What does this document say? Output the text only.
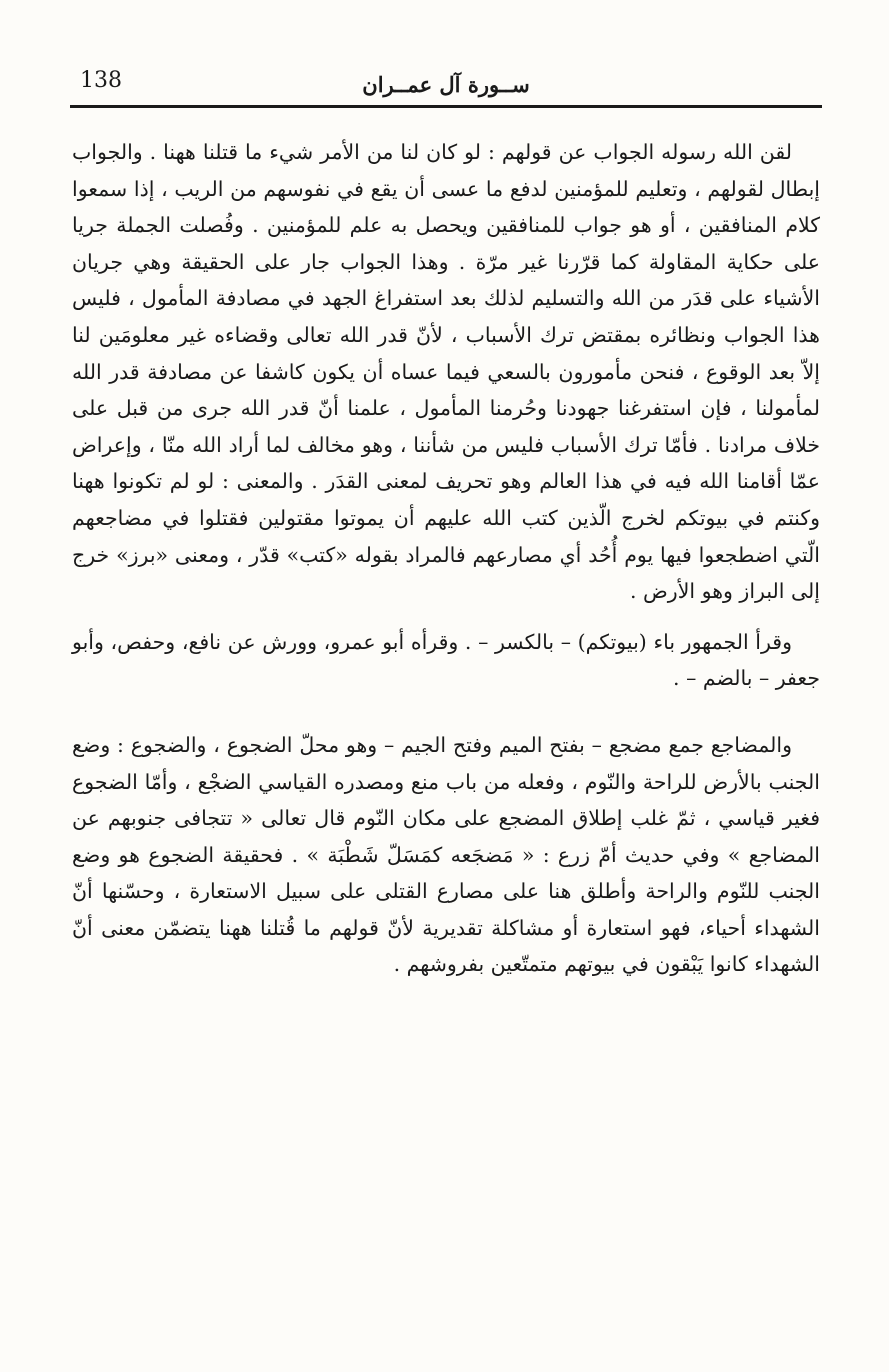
138	ســورة آل عمــران

لقن الله رسوله الجواب عن قولهم : لو كان لنا من الأمر شيء ما قتلنا ههنا . والجواب إبطال لقولهم ، وتعليم للمؤمنين لدفع ما عسى أن يقع في نفوسهم من الريب ، إذا سمعوا كلام المنافقين ، أو هو جواب للمنافقين ويحصل به علم للمؤمنين . وفُصلت الجملة جريا على حكاية المقاولة كما قرّرنا غير مرّة . وهذا الجواب جار على الحقيقة وهي جريان الأشياء على قدَر من الله والتسليم لذلك بعد استفراغ الجهد في مصادفة المأمول ، فليس هذا الجواب ونظائره بمقتض ترك الأسباب ، لأنّ قدر الله تعالى وقضاءه غير معلومَين لنا إلاّ بعد الوقوع ، فنحن مأمورون بالسعي فيما عساه أن يكون كاشفا عن مصادفة قدر الله لمأمولنا ، فإن استفرغنا جهودنا وحُرمنا المأمول ، علمنا أنّ قدر الله جرى من قبل على خلاف مرادنا . فأمّا ترك الأسباب فليس من شأننا ، وهو مخالف لما أراد الله منّا ، وإعراض عمّا أقامنا الله فيه في هذا العالم وهو تحريف لمعنى القدَر . والمعنى : لو لم تكونوا ههنا وكنتم في بيوتكم لخرج الّذين كتب الله عليهم أن يموتوا مقتولين فقتلوا في مضاجعهم الّتي اضطجعوا فيها يوم أُحُد أي مصارعهم فالمراد بقوله «كتب» قدّر ، ومعنى «برز» خرج إلى البراز وهو الأرض .

وقرأ الجمهور باء (بيوتكم) – بالكسر – . وقرأه أبو عمرو، وورش عن نافع، وحفص، وأبو جعفر – بالضم – .

والمضاجع جمع مضجع – بفتح الميم وفتح الجيم – وهو محلّ الضجوع ، والضجوع : وضع الجنب بالأرض للراحة والنّوم ، وفعله من باب منع ومصدره القياسي الضجْع ، وأمّا الضجوع فغير قياسي ، ثمّ غلب إطلاق المضجع على مكان النّوم قال تعالى « تتجافى جنوبهم عن المضاجع » وفي حديث أمّ زرع : « مَضجَعه كمَسَلّ شَطْبَة » . فحقيقة الضجوع هو وضع الجنب للنّوم والراحة وأطلق هنا على مصارع القتلى على سبيل الاستعارة ، وحسّنها أنّ الشهداء أحياء، فهو استعارة أو مشاكلة تقديرية لأنّ قولهم ما قُتلنا ههنا يتضمّن معنى أنّ الشهداء كانوا يَبْقون في بيوتهم متمتّعين بفروشهم .
